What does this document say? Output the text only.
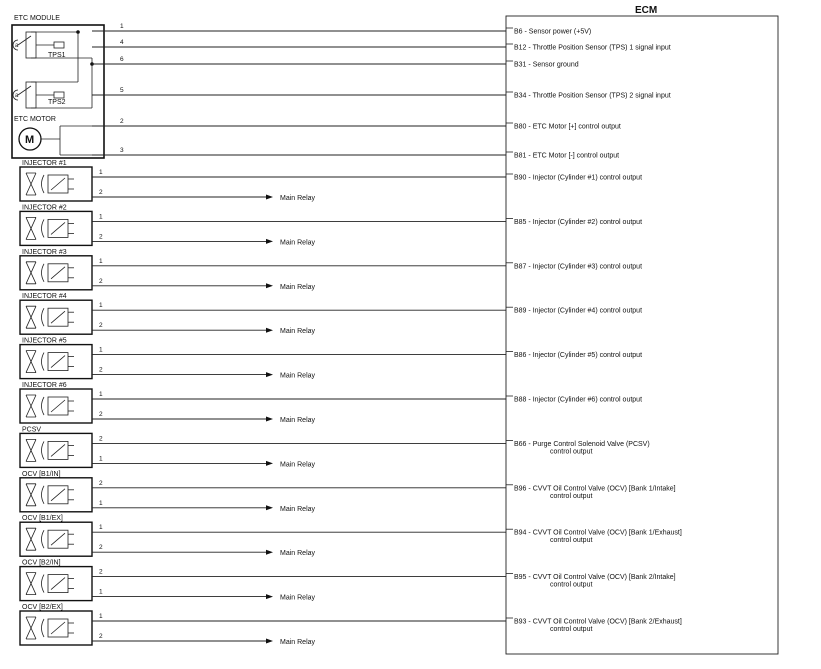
ECM
ETC MODULE
a
TPS1
a
TPS2
ETC MOTOR
M
B6 - Sensor power (+5V)
1
B12 - Throttle Position Sensor (TPS) 1 signal input
4
B31 - Sensor ground
6
B34 - Throttle Position Sensor (TPS) 2 signal input
5
B80 - ETC Motor [+] control output
2
B81 - ETC Motor [-] control output
3
INJECTOR #1
B90 - Injector (Cylinder #1) control output
1
2
Main Relay
INJECTOR #2
B85 - Injector (Cylinder #2) control output
1
2
Main Relay
INJECTOR #3
B87 - Injector (Cylinder #3) control output
1
2
Main Relay
INJECTOR #4
B89 - Injector (Cylinder #4) control output
1
2
Main Relay
INJECTOR #5
B86 - Injector (Cylinder #5) control output
1
2
Main Relay
INJECTOR #6
B88 - Injector (Cylinder #6) control output
1
2
Main Relay
PCSV
B66 - Purge Control Solenoid Valve (PCSV)
control output
2
1
Main Relay
OCV [B1/IN]
B96 - CVVT Oil Control Valve (OCV) [Bank 1/Intake]
control output
2
1
Main Relay
OCV [B1/EX]
B94 - CVVT Oil Control Valve (OCV) [Bank 1/Exhaust]
control output
1
2
Main Relay
OCV [B2/IN]
B95 - CVVT Oil Control Valve (OCV) [Bank 2/Intake]
control output
2
1
Main Relay
OCV [B2/EX]
B93 - CVVT Oil Control Valve (OCV) [Bank 2/Exhaust]
control output
1
2
Main Relay
